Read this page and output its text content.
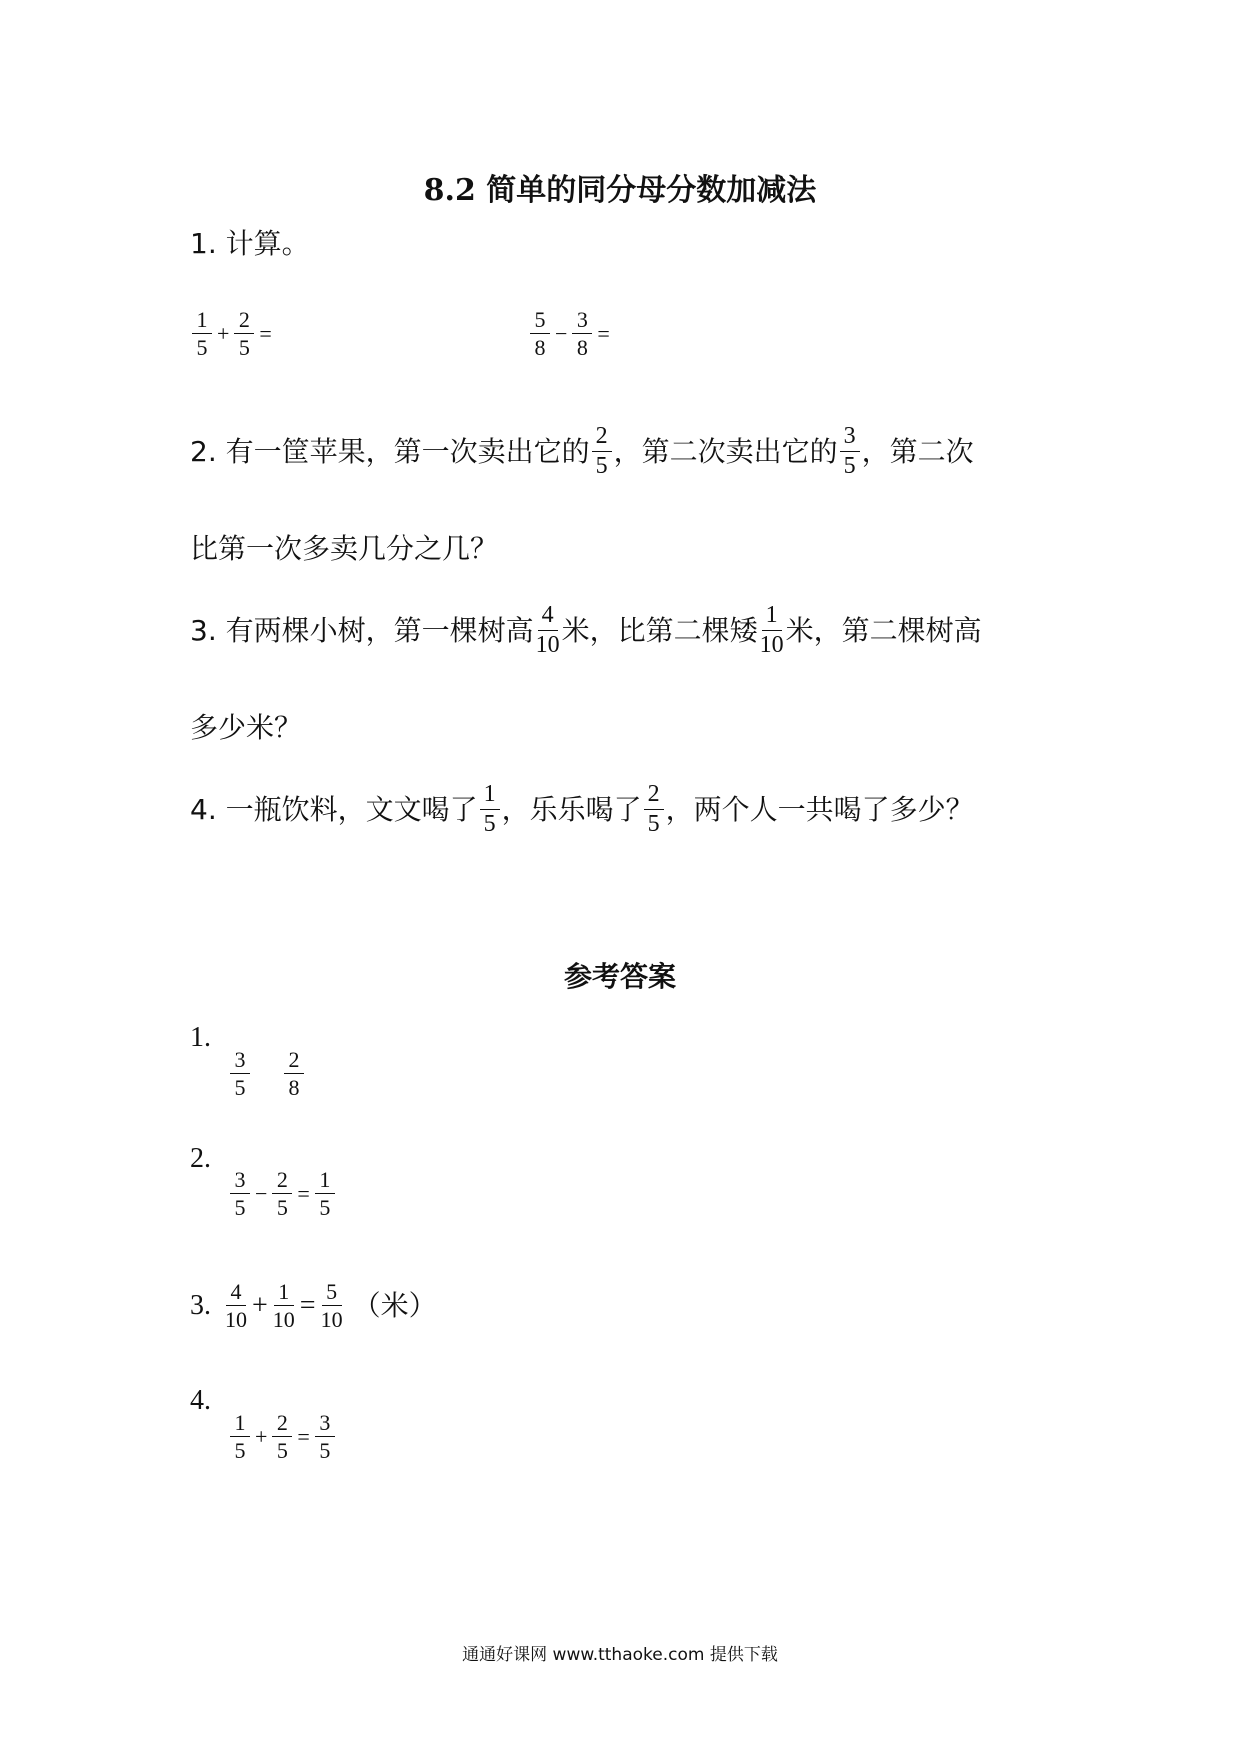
8.2 简单的同分母分数加减法
1. 计算。
$\frac{1}{5} + \frac{2}{5}$ =	$\frac{5}{8} - \frac{3}{8}$ =
2. 有一筐苹果，第一次卖出它的 $\frac{2}{5}$ ，第二次卖出它的 $\frac{3}{5}$ ，第二次
比第一次多卖几分之几？
3. 有两棵小树，第一棵树高 $\frac{4}{10}$ 米，比第二棵矮 $\frac{1}{10}$ 米，第二棵树高
多少米？
4. 一瓶饮料，文文喝了 $\frac{1}{5}$ ，乐乐喝了 $\frac{2}{5}$ ，两个人一共喝了多少？
参考答案
1.
$\frac{3}{5} \frac{2}{8}$
2.
$\frac{3}{5} - \frac{2}{5} = \frac{1}{5}$
3. $\frac{4}{10} + \frac{1}{10} = \frac{5}{10}$ （米）
4.
$\frac{1}{5} + \frac{2}{5} = \frac{3}{5}$
通通好课网 www.tthaoke.com 提供下载
